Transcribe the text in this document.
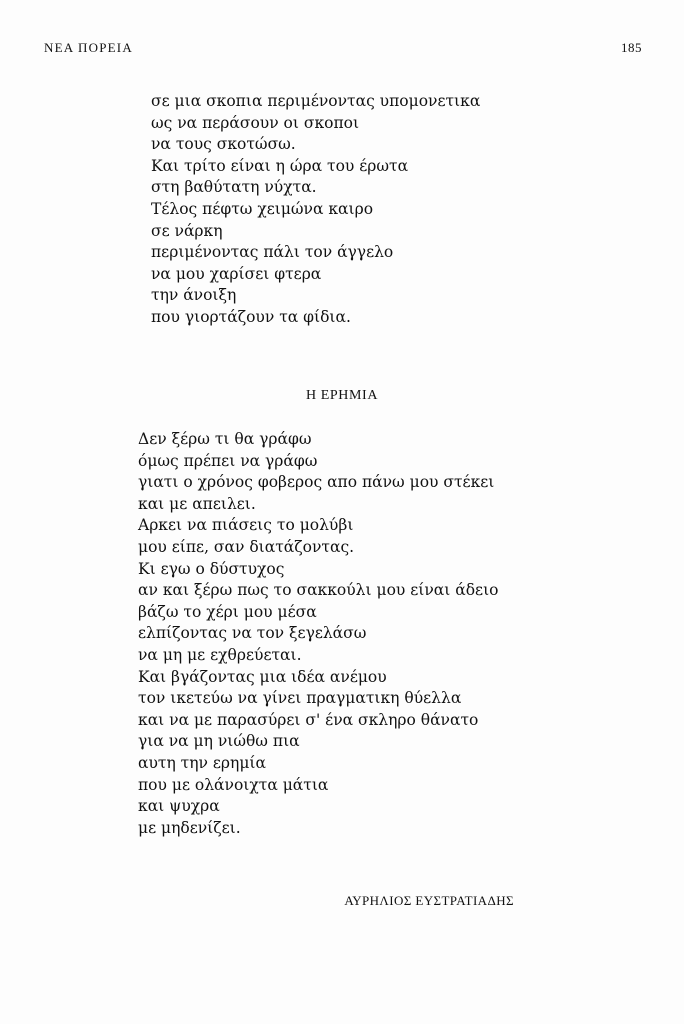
ΝΕΑ ΠΟΡΕΙΑ	185
σε μια σκοπια περιμένοντας υπομονετικα
ως να περάσουν οι σκοποι
να τους σκοτώσω.
Και τρίτο είναι η ώρα του έρωτα
στη βαθύτατη νύχτα.
Τέλος πέφτω χειμώνα καιρο
σε νάρκη
περιμένοντας πάλι τον άγγελο
να μου χαρίσει φτερα
την άνοιξη
που γιορτάζουν τα φίδια.
Η ΕΡΗΜΙΑ
Δεν ξέρω τι θα γράφω
όμως πρέπει να γράφω
γιατι ο χρόνος φοβερος απο πάνω μου στέκει
και με απειλει.
Αρκει να πιάσεις το μολύβι
μου είπε, σαν διατάζοντας.
Κι εγω ο δύστυχος
αν και ξέρω πως το σακκούλι μου είναι άδειο
βάζω το χέρι μου μέσα
ελπίζοντας να τον ξεγελάσω
να μη με εχθρεύεται.
Και βγάζοντας μια ιδέα ανέμου
τον ικετεύω να γίνει πραγματικη θύελλα
και να με παρασύρει σ' ένα σκληρο θάνατο
για να μη νιώθω πια
αυτη την ερημία
που με ολάνοιχτα μάτια
και ψυχρα
με μηδενίζει.
ΑΥΡΗΛΙΟΣ ΕΥΣΤΡΑΤΙΑΔΗΣ
